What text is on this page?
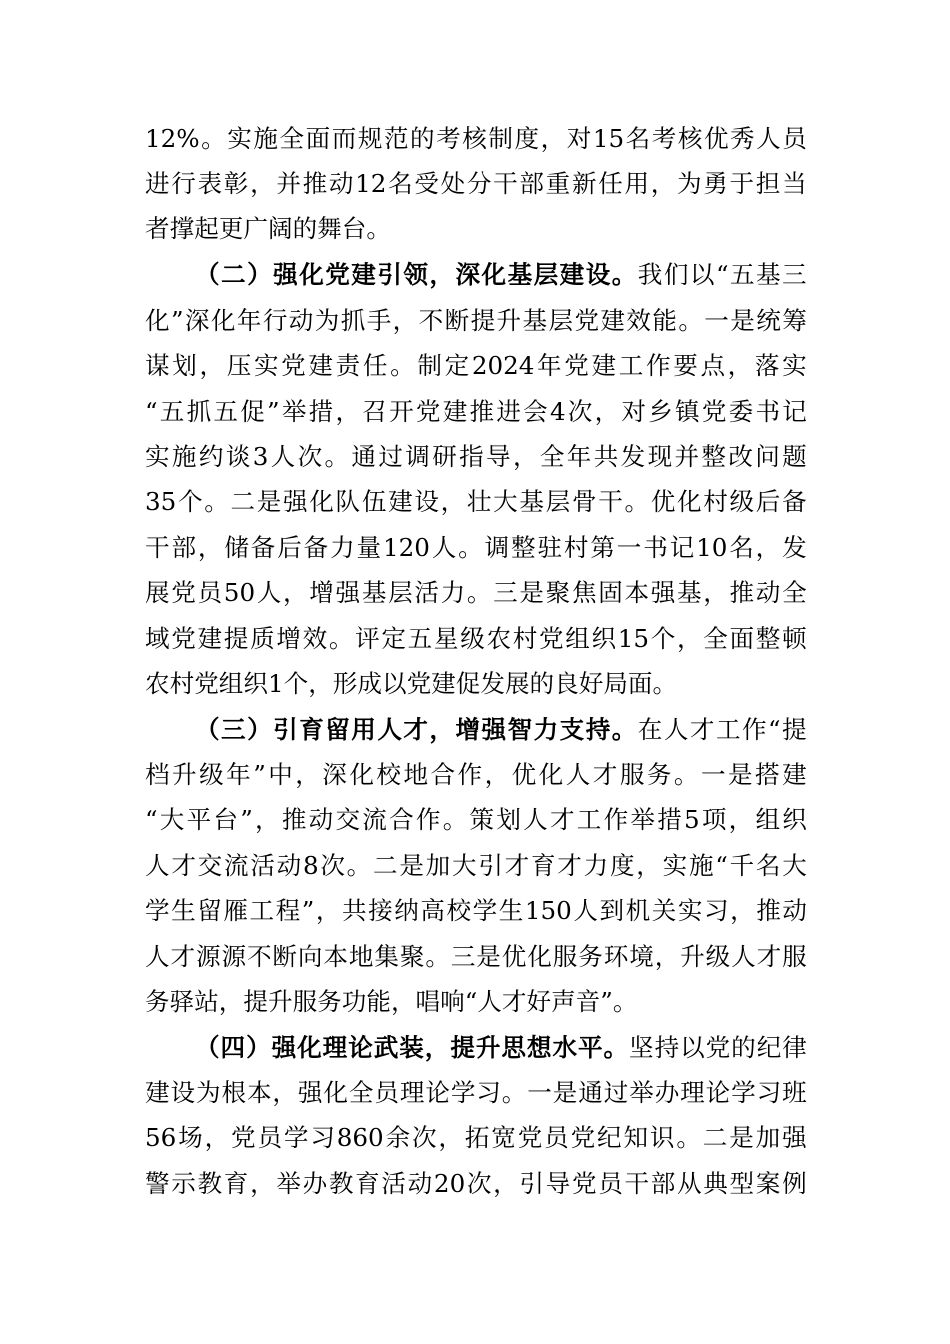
12% 。 实 施 全 面 而 规 范 的 考 核 制 度 ， 对 15 名 考 核 优 秀 人 员
进 行 表 彰 ， 并 推 动 12 名 受 处 分 干 部 重 新 任 用 ， 为 勇 于 担 当
者撑起更广阔的舞台。
（ 二 ） 强 化 党 建 引 领 ， 深 化 基 层 建 设 。 我 们 以 “ 五 基 三
化 ” 深 化 年 行 动 为 抓 手 ， 不 断 提 升 基 层 党 建 效 能 。 一 是 统 筹
谋 划 ， 压 实 党 建 责 任 。 制 定 2024 年 党 建 工 作 要 点 ， 落 实
“ 五 抓 五 促 ” 举 措 ， 召 开 党 建 推 进 会 4 次 ， 对 乡 镇 党 委 书 记
实 施 约 谈 3 人 次 。 通 过 调 研 指 导 ， 全 年 共 发 现 并 整 改 问 题
35 个 。 二 是 强 化 队 伍 建 设 ， 壮 大 基 层 骨 干 。 优 化 村 级 后 备
干 部 ， 储 备 后 备 力 量 120 人 。 调 整 驻 村 第 一 书 记 10 名 ， 发
展 党 员 50 人 ， 增 强 基 层 活 力 。 三 是 聚 焦 固 本 强 基 ， 推 动 全
域 党 建 提 质 增 效 。 评 定 五 星 级 农 村 党 组 织 15 个 ， 全 面 整 顿
农村党组织1个，形成以党建促发展的良好局面。
（ 三 ） 引 育 留 用 人 才 ， 增 强 智 力 支 持 。 在 人 才 工 作 “ 提
档 升 级 年 ” 中 ， 深 化 校 地 合 作 ， 优 化 人 才 服 务 。 一 是 搭 建
“ 大 平 台 ” ， 推 动 交 流 合 作 。 策 划 人 才 工 作 举 措 5 项 ， 组 织
人 才 交 流 活 动 8 次 。 二 是 加 大 引 才 育 才 力 度 ， 实 施 “ 千 名 大
学 生 留 雁 工 程 ” ， 共 接 纳 高 校 学 生 150 人 到 机 关 实 习 ， 推 动
人 才 源 源 不 断 向 本 地 集 聚 。 三 是 优 化 服 务 环 境 ， 升 级 人 才 服
务驿站，提升服务功能，唱响“人才好声音”。
（ 四 ） 强 化 理 论 武 装 ， 提 升 思 想 水 平 。 坚 持 以 党 的 纪 律
建 设 为 根 本 ， 强 化 全 员 理 论 学 习 。 一 是 通 过 举 办 理 论 学 习 班
56 场 ， 党 员 学 习 860 余 次 ， 拓 宽 党 员 党 纪 知 识 。 二 是 加 强
警 示 教 育 ， 举 办 教 育 活 动 20 次 ， 引 导 党 员 干 部 从 典 型 案 例
